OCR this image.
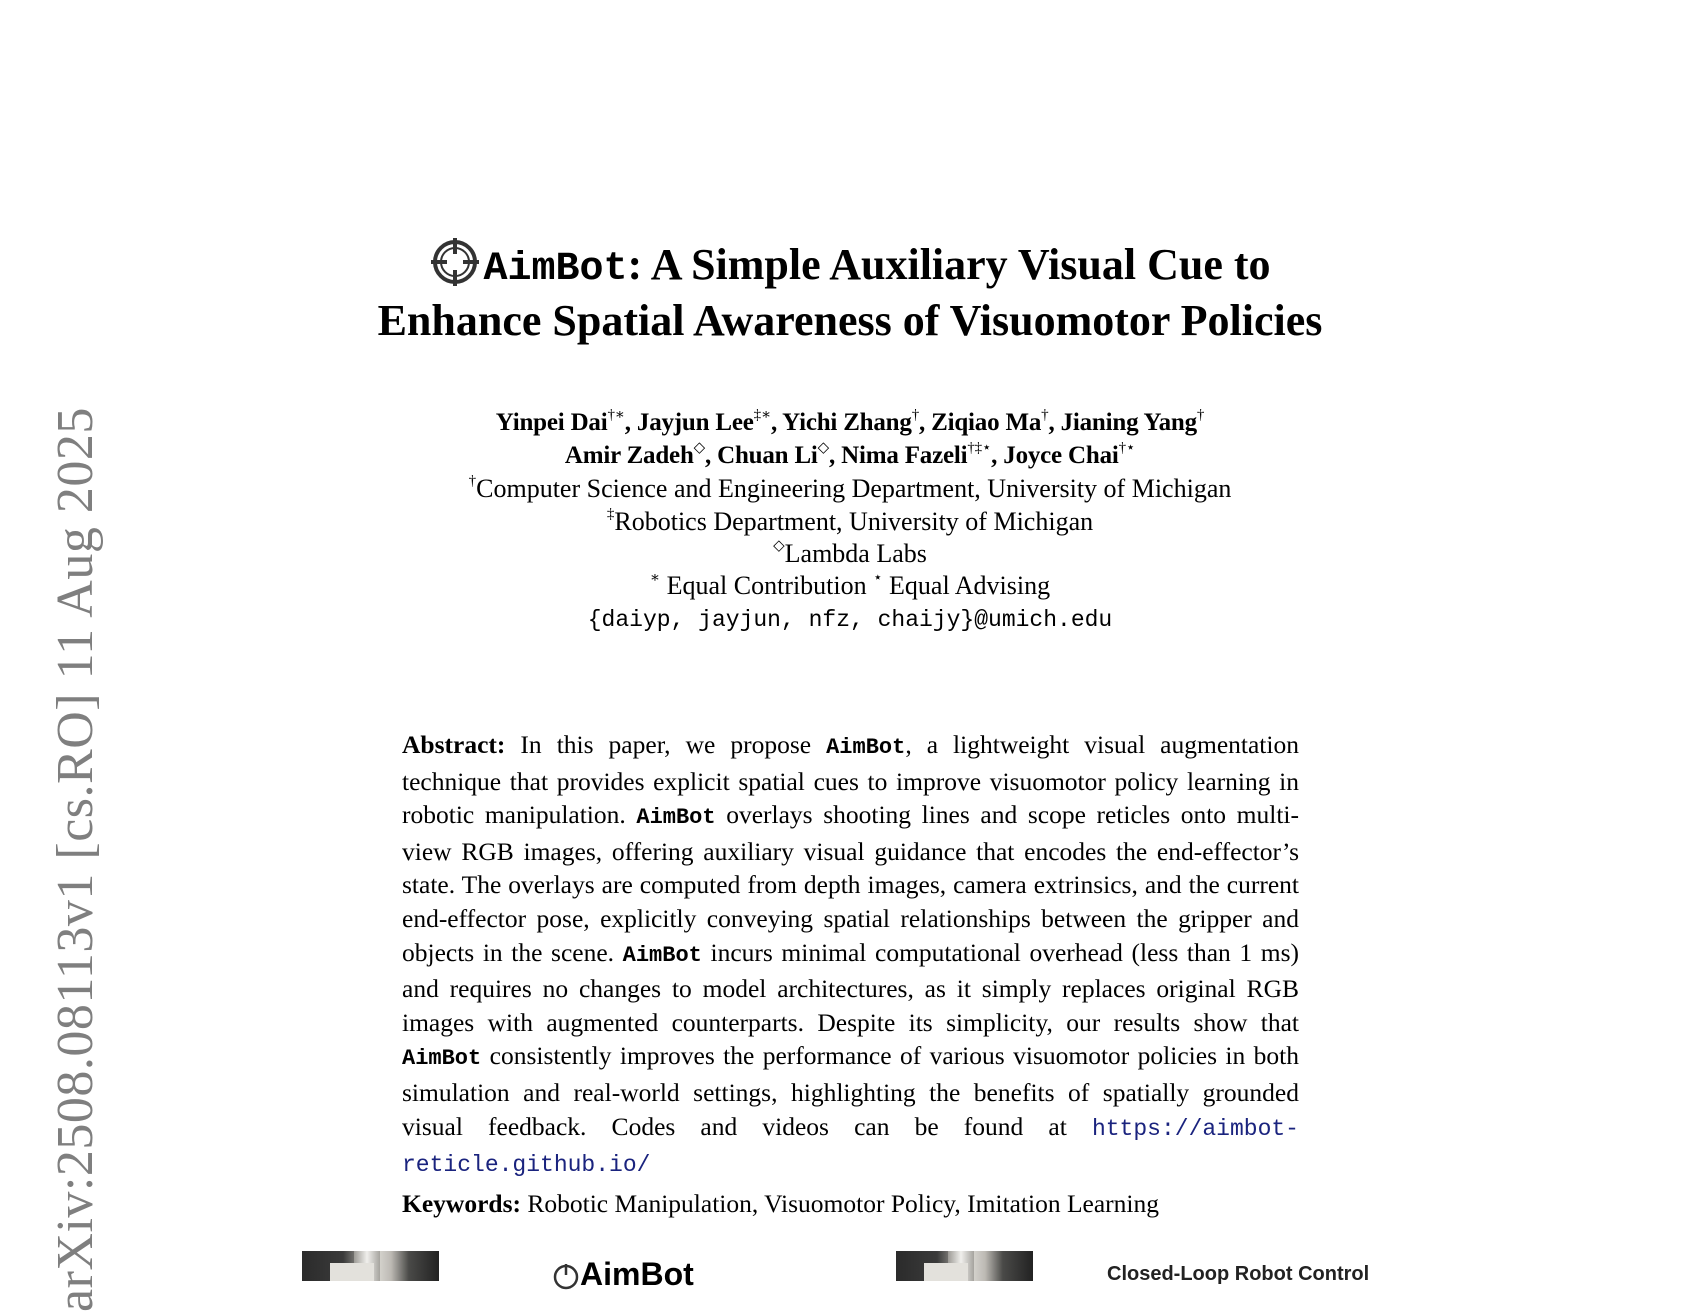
arXiv:2508.08113v1 [cs.RO] 11 Aug 2025
AimBot: A Simple Auxiliary Visual Cue to
Enhance Spatial Awareness of Visuomotor Policies
Yinpei Dai†∗, Jayjun Lee‡∗, Yichi Zhang†, Ziqiao Ma†, Jianing Yang†
Amir Zadeh◇, Chuan Li◇, Nima Fazeli†‡⋆, Joyce Chai†⋆
†Computer Science and Engineering Department, University of Michigan
‡Robotics Department, University of Michigan
◇Lambda Labs
∗ Equal Contribution ⋆ Equal Advising
{daiyp, jayjun, nfz, chaijy}@umich.edu
Abstract: In this paper, we propose AimBot, a lightweight visual augmentation technique that provides explicit spatial cues to improve visuomotor policy learning in robotic manipulation. AimBot overlays shooting lines and scope reticles onto multi-view RGB images, offering auxiliary visual guidance that encodes the end-effector’s state. The overlays are computed from depth images, camera extrinsics, and the current end-effector pose, explicitly conveying spatial relationships between the gripper and objects in the scene. AimBot incurs minimal computational overhead (less than 1 ms) and requires no changes to model architectures, as it simply replaces original RGB images with augmented counterparts. Despite its simplicity, our results show that AimBot consistently improves the performance of various visuomotor policies in both simulation and real-world settings, highlighting the benefits of spatially grounded visual feedback. Codes and videos can be found at https://aimbot-reticle.github.io/
Keywords: Robotic Manipulation, Visuomotor Policy, Imitation Learning
AimBot	Closed-Loop Robot Control
